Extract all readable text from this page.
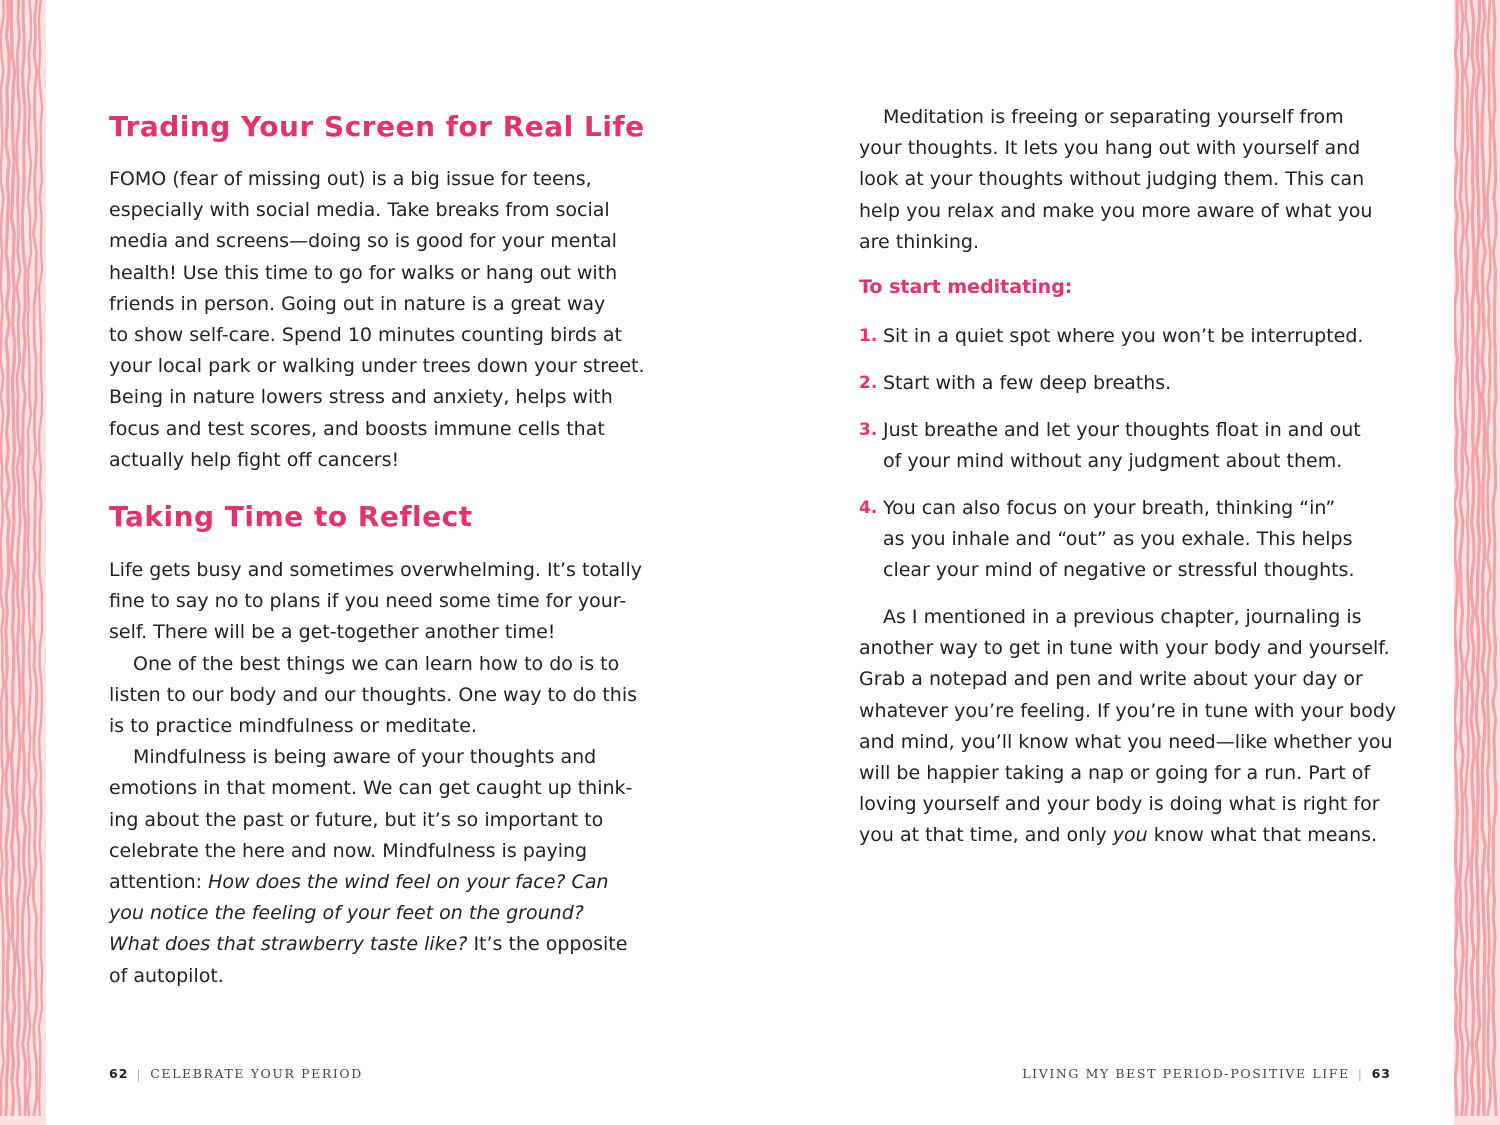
Trading Your Screen for Real Life

FOMO (fear of missing out) is a big issue for teens,
especially with social media. Take breaks from social
media and screens—doing so is good for your mental
health! Use this time to go for walks or hang out with
friends in person. Going out in nature is a great way
to show self-care. Spend 10 minutes counting birds at
your local park or walking under trees down your street.
Being in nature lowers stress and anxiety, helps with
focus and test scores, and boosts immune cells that
actually help fight off cancers!

Taking Time to Reflect

Life gets busy and sometimes overwhelming. It’s totally
fine to say no to plans if you need some time for your-
self. There will be a get-together another time!
One of the best things we can learn how to do is to
listen to our body and our thoughts. One way to do this
is to practice mindfulness or meditate.
Mindfulness is being aware of your thoughts and
emotions in that moment. We can get caught up think-
ing about the past or future, but it’s so important to
celebrate the here and now. Mindfulness is paying
attention: How does the wind feel on your face? Can
you notice the feeling of your feet on the ground?
What does that strawberry taste like? It’s the opposite
of autopilot.

Meditation is freeing or separating yourself from
your thoughts. It lets you hang out with yourself and
look at your thoughts without judging them. This can
help you relax and make you more aware of what you
are thinking.

To start meditating:

1. Sit in a quiet spot where you won’t be interrupted.
2. Start with a few deep breaths.
3. Just breathe and let your thoughts float in and out
of your mind without any judgment about them.
4. You can also focus on your breath, thinking “in”
as you inhale and “out” as you exhale. This helps
clear your mind of negative or stressful thoughts.

As I mentioned in a previous chapter, journaling is
another way to get in tune with your body and yourself.
Grab a notepad and pen and write about your day or
whatever you’re feeling. If you’re in tune with your body
and mind, you’ll know what you need—like whether you
will be happier taking a nap or going for a run. Part of
loving yourself and your body is doing what is right for
you at that time, and only you know what that means.

62 | CELEBRATE YOUR PERIOD	LIVING MY BEST PERIOD-POSITIVE LIFE | 63
